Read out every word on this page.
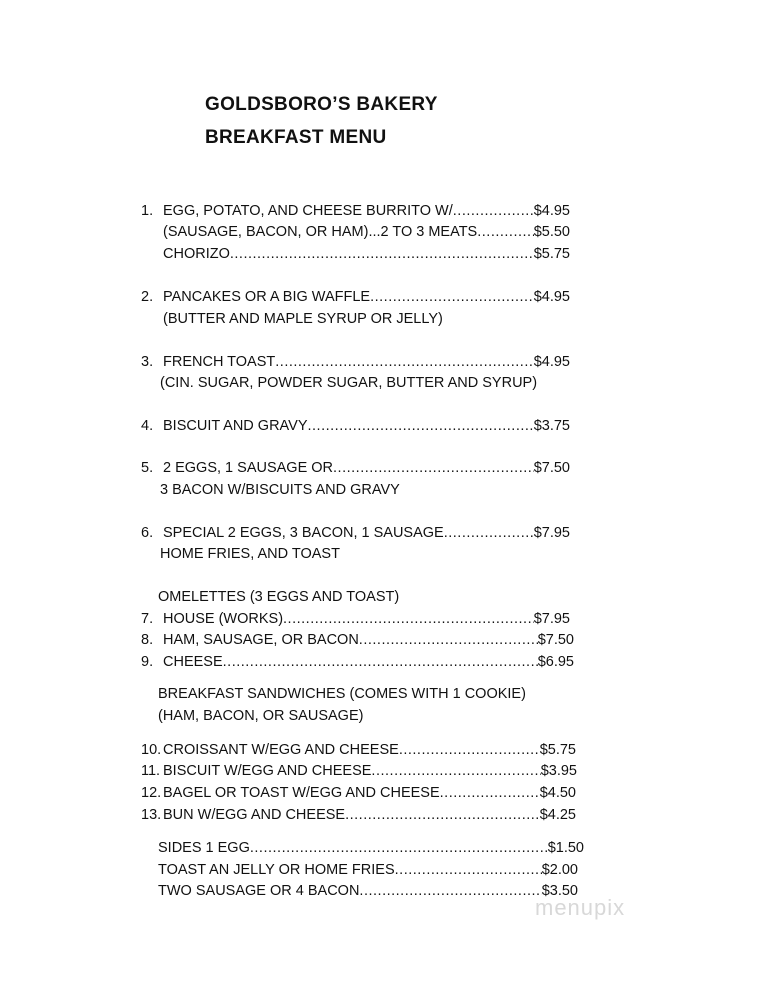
GOLDSBORO’S BAKERY
BREAKFAST MENU
OMELETTES (3 EGGS AND TOAST)
BREAKFAST SANDWICHES (COMES WITH 1 COOKIE)
(HAM, BACON, OR SAUSAGE)
1. EGG, POTATO, AND CHEESE BURRITO W/ .....	$4.95
(SAUSAGE, BACON, OR HAM)...2 TO 3 MEATS .....	$5.50
CHORIZO .....	$5.75
2. PANCAKES OR A BIG WAFFLE .....	$4.95
(BUTTER AND MAPLE SYRUP OR JELLY)
3. FRENCH TOAST .....	$4.95
(CIN. SUGAR, POWDER SUGAR, BUTTER AND SYRUP)
4. BISCUIT AND GRAVY .....	$3.75
5. 2 EGGS, 1 SAUSAGE OR .....	$7.50
3 BACON W/BISCUITS AND GRAVY
6. SPECIAL 2 EGGS, 3 BACON, 1 SAUSAGE .....	$7.95
HOME FRIES, AND TOAST
7. HOUSE (WORKS) .....	$7.95
8. HAM, SAUSAGE, OR BACON .....	$7.50
9. CHEESE .....	$6.95
10. CROISSANT W/EGG AND CHEESE .....	$5.75
11. BISCUIT W/EGG AND CHEESE .....	$3.95
12. BAGEL OR TOAST W/EGG AND CHEESE .....	$4.50
13. BUN W/EGG AND CHEESE .....	$4.25
SIDES 1 EGG .....	$1.50
TOAST AN JELLY OR HOME FRIES .....	$2.00
TWO SAUSAGE OR 4 BACON .....	$3.50
menupix
